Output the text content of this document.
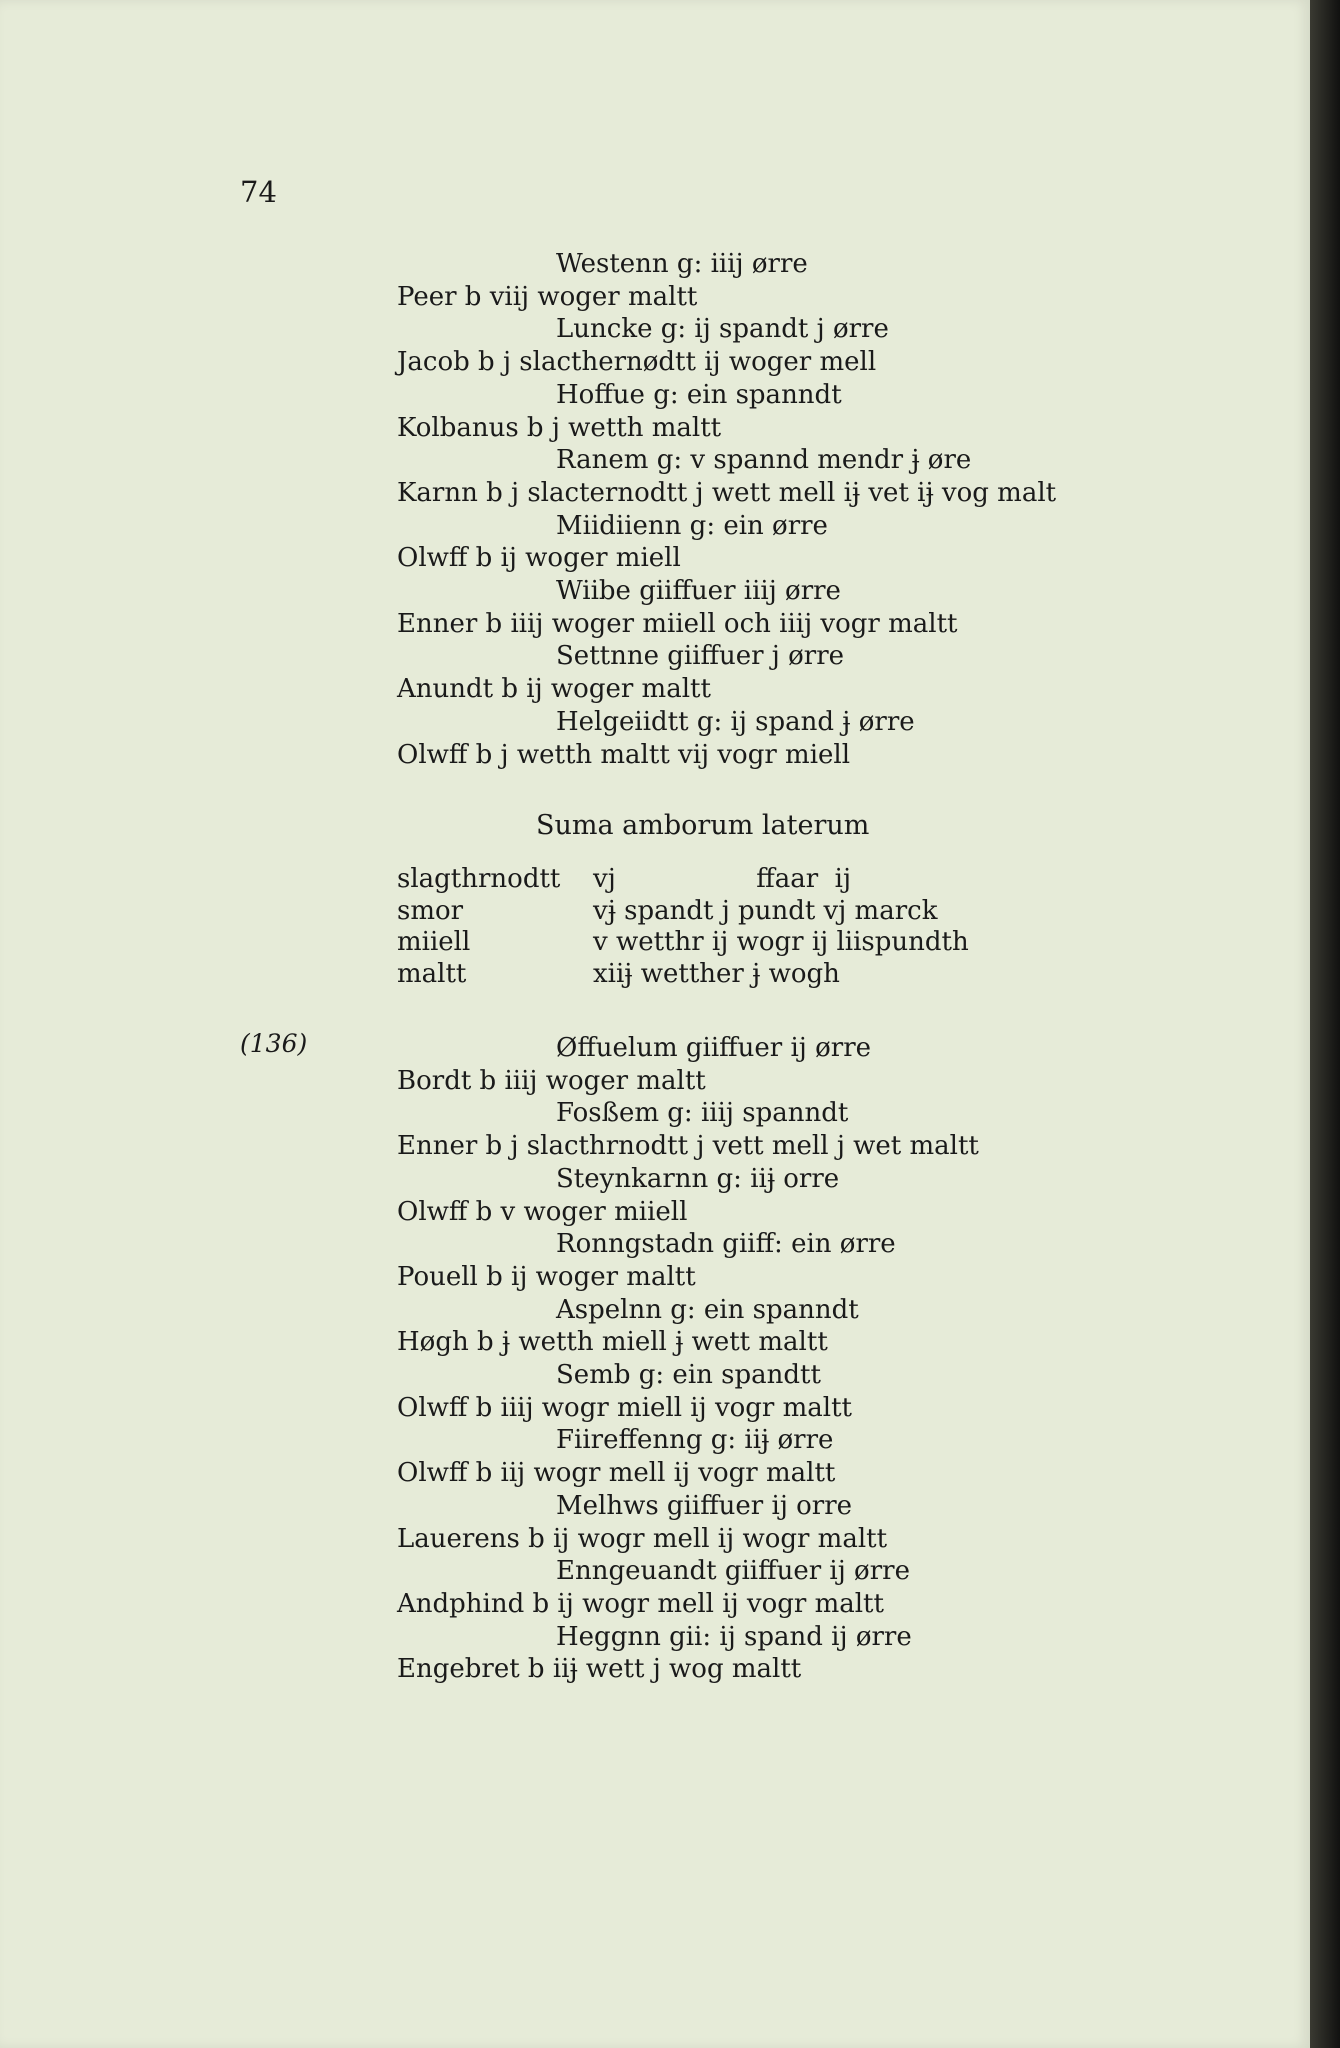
74
Westenn g: iiij ørre
Peer b viij woger maltt
Luncke g: ij spandt j ørre
Jacob b j slacthernødtt ij woger mell
Hoffue g: ein spanndt
Kolbanus b j wetth maltt
Ranem g: v spannd mendr ɉ øre
Karnn b j slacternodtt j wett mell iɉ vet iɉ vog malt
Miidiienn g: ein ørre
Olwff b ij woger miell
Wiibe giiffuer iiij ørre
Enner b iiij woger miiell och iiij vogr maltt
Settnne giiffuer j ørre
Anundt b ij woger maltt
Helgeiidtt g: ij spand ɉ ørre
Olwff b j wetth maltt vij vogr miell
Suma amborum laterum
slagthrnodtt vj                 ffaar  ij
smor	vɉ spandt j pundt vj marck
miiell	v wetthr ij wogr ij liispundth
maltt	xiiɉ wetther ɉ wogh
(136)	Øffuelum giiffuer ij ørre
Bordt b iiij woger maltt
Fosßem g: iiij spanndt
Enner b j slacthrnodtt j vett mell j wet maltt
Steynkarnn g: iiɉ orre
Olwff b v woger miiell
Ronngstadn giiff: ein ørre
Pouell b ij woger maltt
Aspelnn g: ein spanndt
Høgh b ɉ wetth miell ɉ wett maltt
Semb g: ein spandtt
Olwff b iiij wogr miell ij vogr maltt
Fiireffenng g: iiɉ ørre
Olwff b iij wogr mell ij vogr maltt
Melhws giiffuer ij orre
Lauerens b ij wogr mell ij wogr maltt
Enngeuandt giiffuer ij ørre
Andphind b ij wogr mell ij vogr maltt
Heggnn gii: ij spand ij ørre
Engebret b iiɉ wett j wog maltt
